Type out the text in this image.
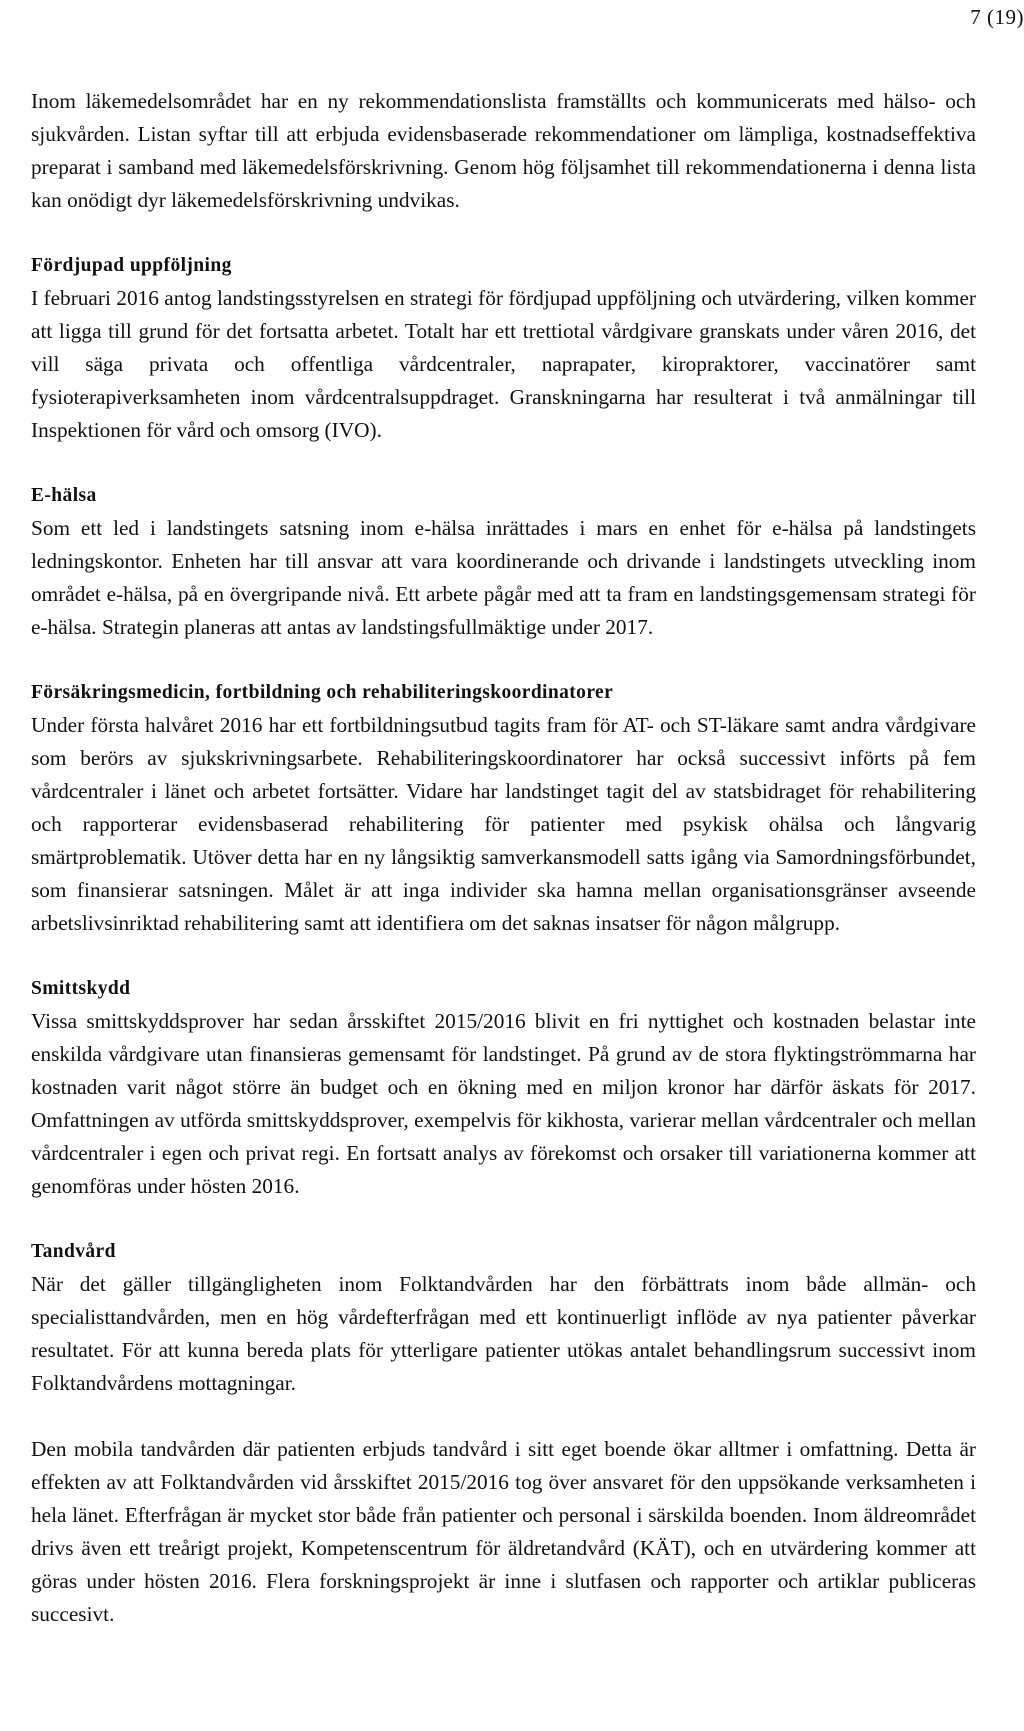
7 (19)

Inom läkemedelsområdet har en ny rekommendationslista framställts och kommunicerats med hälso- och sjukvården. Listan syftar till att erbjuda evidensbaserade rekommendationer om lämpliga, kostnadseffektiva preparat i samband med läkemedelsförskrivning. Genom hög följsamhet till rekommendationerna i denna lista kan onödigt dyr läkemedelsförskrivning undvikas.

Fördjupad uppföljning

I februari 2016 antog landstingsstyrelsen en strategi för fördjupad uppföljning och utvärdering, vilken kommer att ligga till grund för det fortsatta arbetet. Totalt har ett trettiotal vårdgivare granskats under våren 2016, det vill säga privata och offentliga vårdcentraler, naprapater, kiropraktorer, vaccinatörer samt fysioterapiverksamheten inom vårdcentralsuppdraget. Granskningarna har resulterat i två anmälningar till Inspektionen för vård och omsorg (IVO).

E-hälsa

Som ett led i landstingets satsning inom e-hälsa inrättades i mars en enhet för e-hälsa på landstingets ledningskontor. Enheten har till ansvar att vara koordinerande och drivande i landstingets utveckling inom området e-hälsa, på en övergripande nivå. Ett arbete pågår med att ta fram en landstingsgemensam strategi för e-hälsa. Strategin planeras att antas av landstingsfullmäktige under 2017.

Försäkringsmedicin, fortbildning och rehabiliteringskoordinatorer

Under första halvåret 2016 har ett fortbildningsutbud tagits fram för AT- och ST-läkare samt andra vårdgivare som berörs av sjukskrivningsarbete. Rehabiliteringskoordinatorer har också successivt införts på fem vårdcentraler i länet och arbetet fortsätter. Vidare har landstinget tagit del av statsbidraget för rehabilitering och rapporterar evidensbaserad rehabilitering för patienter med psykisk ohälsa och långvarig smärtproblematik. Utöver detta har en ny långsiktig samverkansmodell satts igång via Samordningsförbundet, som finansierar satsningen. Målet är att inga individer ska hamna mellan organisationsgränser avseende arbetslivsinriktad rehabilitering samt att identifiera om det saknas insatser för någon målgrupp.

Smittskydd

Vissa smittskyddsprover har sedan årsskiftet 2015/2016 blivit en fri nyttighet och kostnaden belastar inte enskilda vårdgivare utan finansieras gemensamt för landstinget. På grund av de stora flyktingströmmarna har kostnaden varit något större än budget och en ökning med en miljon kronor har därför äskats för 2017. Omfattningen av utförda smittskyddsprover, exempelvis för kikhosta, varierar mellan vårdcentraler och mellan vårdcentraler i egen och privat regi. En fortsatt analys av förekomst och orsaker till variationerna kommer att genomföras under hösten 2016.

Tandvård

När det gäller tillgängligheten inom Folktandvården har den förbättrats inom både allmän- och specialisttandvården, men en hög vårdefterfrågan med ett kontinuerligt inflöde av nya patienter påverkar resultatet. För att kunna bereda plats för ytterligare patienter utökas antalet behandlingsrum successivt inom Folktandvårdens mottagningar.

Den mobila tandvården där patienten erbjuds tandvård i sitt eget boende ökar alltmer i omfattning. Detta är effekten av att Folktandvården vid årsskiftet 2015/2016 tog över ansvaret för den uppsökande verksamheten i hela länet. Efterfrågan är mycket stor både från patienter och personal i särskilda boenden. Inom äldreområdet drivs även ett treårigt projekt, Kompetenscentrum för äldretandvård (KÄT), och en utvärdering kommer att göras under hösten 2016. Flera forskningsprojekt är inne i slutfasen och rapporter och artiklar publiceras succesivt.
